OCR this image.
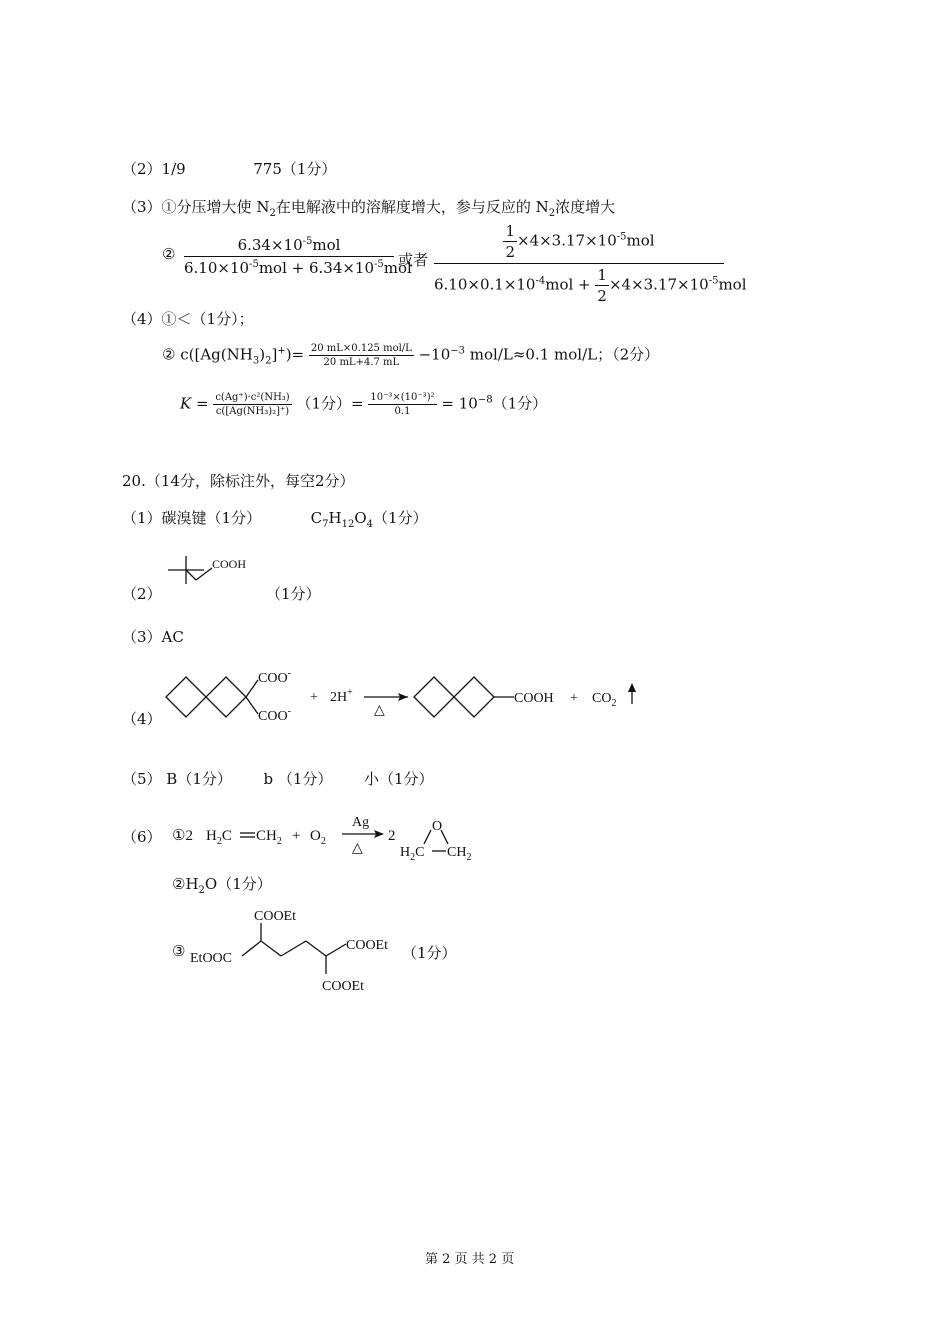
（2）1/9	775（1分）
（3）①分压增大使 $N_2$在电解液中的溶解度增大，参与反应的 $N_2$浓度增大
②	$6.34\times 10^{-5}mol$
$6.10\times 10^{-5}mol + 6.34\times 10^{-5}mol$
或者	$\frac{1}{2} \times 4\times 3.17\times 10^{-5}mol$
$6.10\times 0.1\times 10^{-4}mol + \frac{1}{2} \times 4\times 3.17\times 10^{-5}mol$
（4）①＜（1分）；
② $c([Ag(NH_3)_2]^+)= \frac{\text{20 mL×0.125 mol/L}}{20 mL+4.7 mL} -10^{-3}$ mol/L≈0.1 mol/L；（2分）
$K = \frac{\text{c(Ag⁺)·c²(NH₃)}}{\text{c([Ag(NH₃)₂]⁺)}} (1$分）= $\frac{\text{10⁻³×(10⁻³)²}}{0.1} = 10^{-8}(1$分）
20.（14分，除标注外，每空2分）
（1）碳溴键（1分）	$C_7H_{12}O_4(1$分）
（2）
COOH
（1分）
（3）AC
（4）
COO-
COO-
+ 2H+
△
COOH + $CO_2$
（5） B（1分） b （1分） 小（1分）
（6） ①2 $H_2C$ $CH_2 + O_2$
Ag
△
2
O
$H_2C$ $CH_2$
$②H_2O(1$分）
③
COOEt
EtOOC
COOEt
COOEt
（1分）
第 2 页 共 2 页
